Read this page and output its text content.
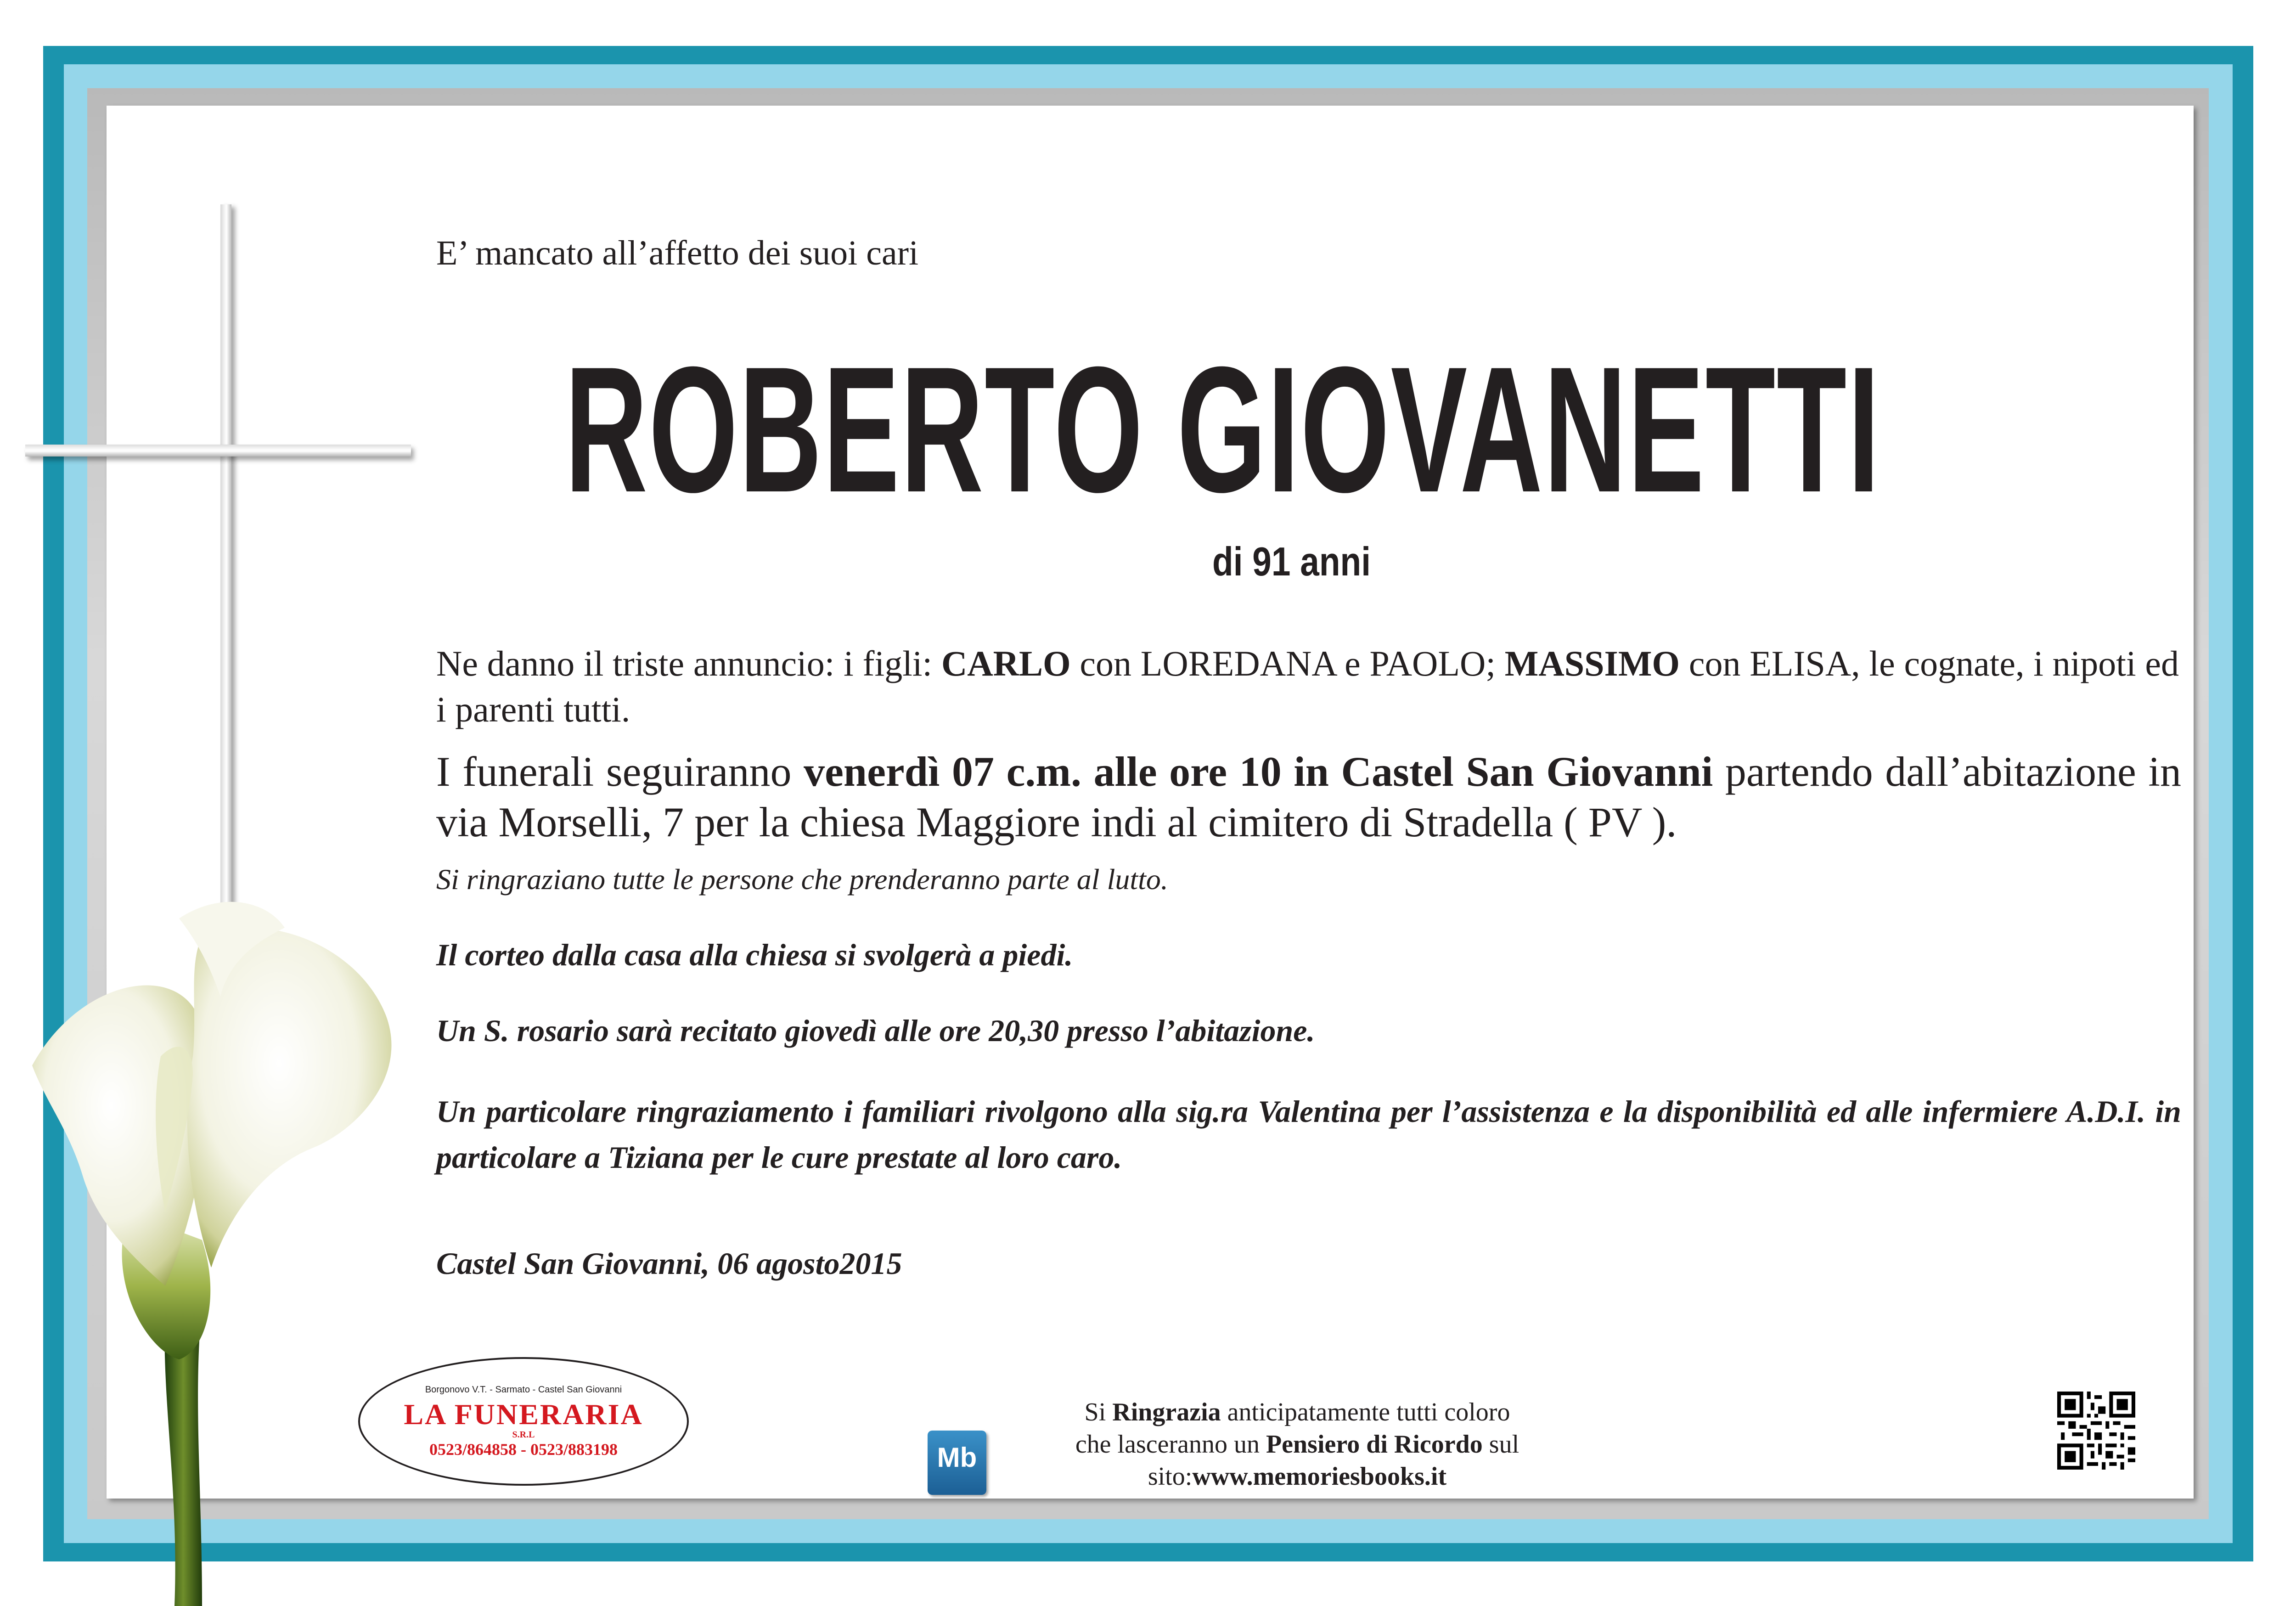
E’ mancato all’affetto dei suoi cari
ROBERTO GIOVANETTI
di 91 anni
Ne danno il triste annuncio: i figli: CARLO con LOREDANA e PAOLO; MASSIMO con ELISA, le cognate, i nipoti ed i parenti tutti.
I funerali seguiranno venerdì 07 c.m. alle ore 10 in Castel San Giovanni partendo dall’abitazione in via Morselli, 7 per la chiesa Maggiore indi al cimitero di Stradella ( PV ).
Si ringraziano tutte le persone che prenderanno parte al lutto.
Il corteo dalla casa alla chiesa si svolgerà a piedi.
Un S. rosario sarà recitato giovedì alle ore 20,30 presso l’abitazione.
Un particolare ringraziamento i familiari rivolgono alla sig.ra Valentina per l’assistenza e la disponibilità ed alle infermiere A.D.I. in particolare a Tiziana per le cure prestate al loro caro.
Castel San Giovanni, 06 agosto2015
Borgonovo V.T. - Sarmato - Castel San Giovanni
LA FUNERARIA
S.R.L
0523/864858 - 0523/883198	Mb
Si Ringrazia anticipatamente tutti coloro
che lasceranno un Pensiero di Ricordo sul
sito:www.memoriesbooks.it
